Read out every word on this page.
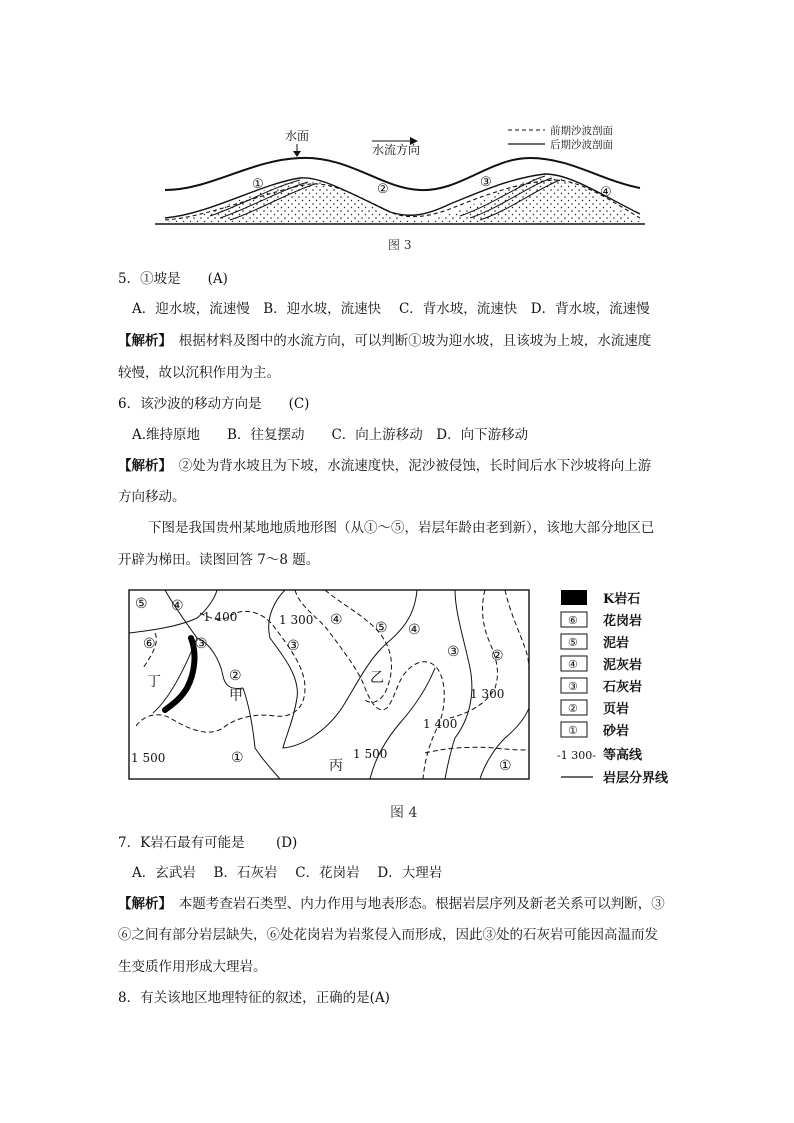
水面
水流方向
前期沙波剖面
后期沙波剖面
①	②	③
④
图 3
5．①坡是　　(A)
A．迎水坡，流速慢　B．迎水坡，流速快　 C．背水坡，流速快　D．背水坡，流速慢
【解析】　根据材料及图中的水流方向，可以判断①坡为迎水坡，且该坡为上坡，水流速度
较慢，故以沉积作用为主。
6．该沙波的移动方向是　　(C)
A.维持原地　　B．往复摆动　　C．向上游移动　D．向下游移动
【解析】　②处为背水坡且为下坡，水流速度快，泥沙被侵蚀，长时间后水下沙坡将向上游
方向移动。
下图是我国贵州某地地质地形图（从①～⑤，岩层年龄由老到新），该地大部分地区已
开辟为梯田。读图回答 7～8 题。
⑤ ④
⑥	③
②
③
④ ⑤ ④
③ ②
①	①
1 400	1 300
1 300
1 400
1 500	1 500
丁
甲
乙
丙
K岩石
⑥ 花岗岩
⑤ 泥岩
④ 泥灰岩
③ 石灰岩
② 页岩
① 砂岩
-1 300- 等高线
岩层分界线
图 4
7．K岩石最有可能是　　 (D)
A．玄武岩　 B．石灰岩　 C．花岗岩　 D．大理岩
【解析】　本题考查岩石类型、内力作用与地表形态。根据岩层序列及新老关系可以判断，③
⑥之间有部分岩层缺失，⑥处花岗岩为岩浆侵入而形成，因此③处的石灰岩可能因高温而发
生变质作用形成大理岩。
8．有关该地区地理特征的叙述，正确的是(A)
